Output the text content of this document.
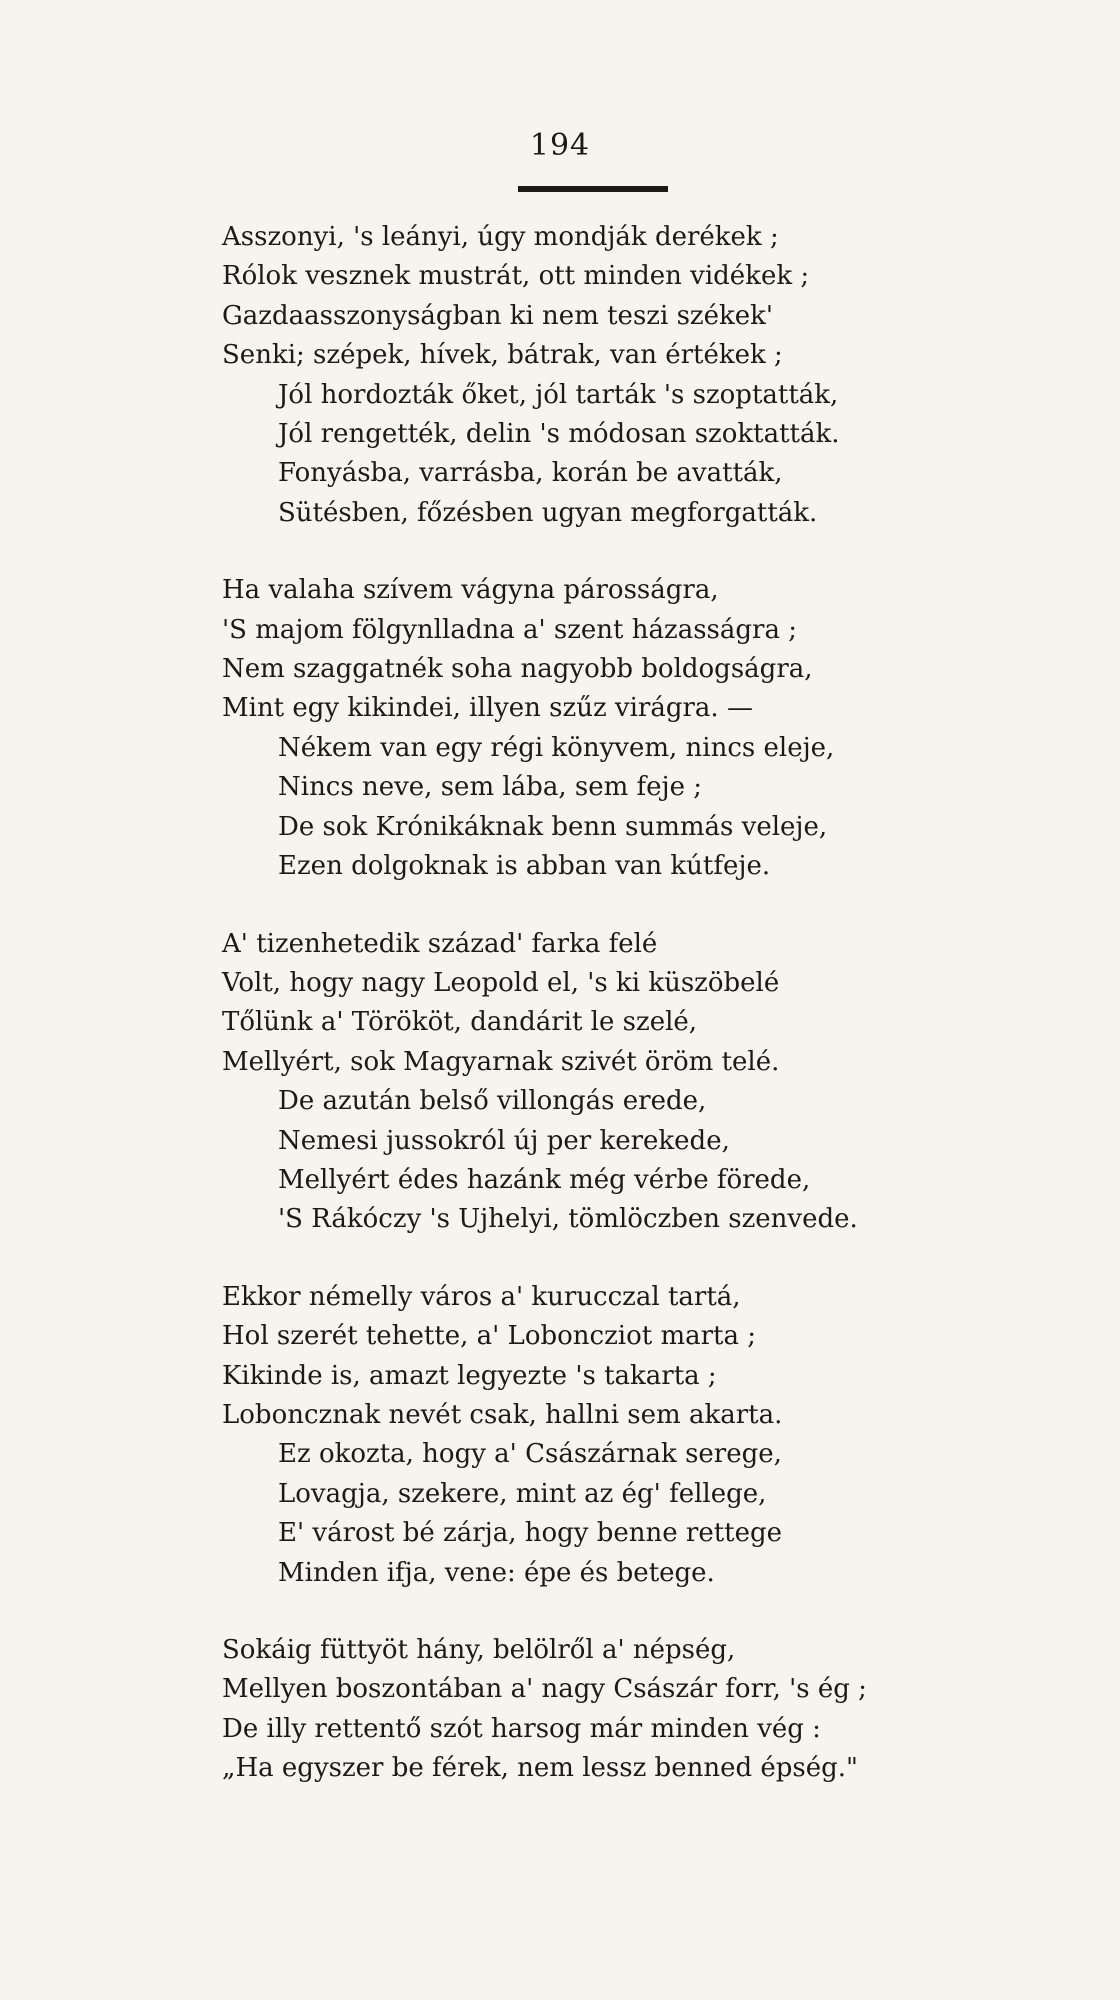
194
Asszonyi, 's leányi, úgy mondják derékek ;
Rólok vesznek mustrát, ott minden vidékek ;
Gazdaasszonyságban ki nem teszi székek'
Senki; szépek, hívek, bátrak, van értékek ;
Jól hordozták őket, jól tarták 's szoptatták,
Jól rengették, delin 's módosan szoktatták.
Fonyásba, varrásba, korán be avatták,
Sütésben, főzésben ugyan megforgatták.
Ha valaha szívem vágyna párosságra,
'S majom fölgynlladna a' szent házasságra ;
Nem szaggatnék soha nagyobb boldogságra,
Mint egy kikindei, illyen szűz virágra. —
Nékem van egy régi könyvem, nincs eleje,
Nincs neve, sem lába, sem feje ;
De sok Krónikáknak benn summás veleje,
Ezen dolgoknak is abban van kútfeje.
A' tizenhetedik század' farka felé
Volt, hogy nagy Leopold el, 's ki küszöbelé
Tőlünk a' Törököt, dandárit le szelé,
Mellyért, sok Magyarnak szivét öröm telé.
De azután belső villongás erede,
Nemesi jussokról új per kerekede,
Mellyért édes hazánk még vérbe förede,
'S Rákóczy 's Ujhelyi, tömlöczben szenvede.
Ekkor némelly város a' kurucczal tartá,
Hol szerét tehette, a' Loboncziot marta ;
Kikinde is, amazt legyezte 's takarta ;
Loboncznak nevét csak, hallni sem akarta.
Ez okozta, hogy a' Császárnak serege,
Lovagja, szekere, mint az ég' fellege,
E' várost bé zárja, hogy benne rettege
Minden ifja, vene: épe és betege.
Sokáig füttyöt hány, belölről a' népség,
Mellyen boszontában a' nagy Császár forr, 's ég ;
De illy rettentő szót harsog már minden vég :
„Ha egyszer be férek, nem lessz benned épség."
